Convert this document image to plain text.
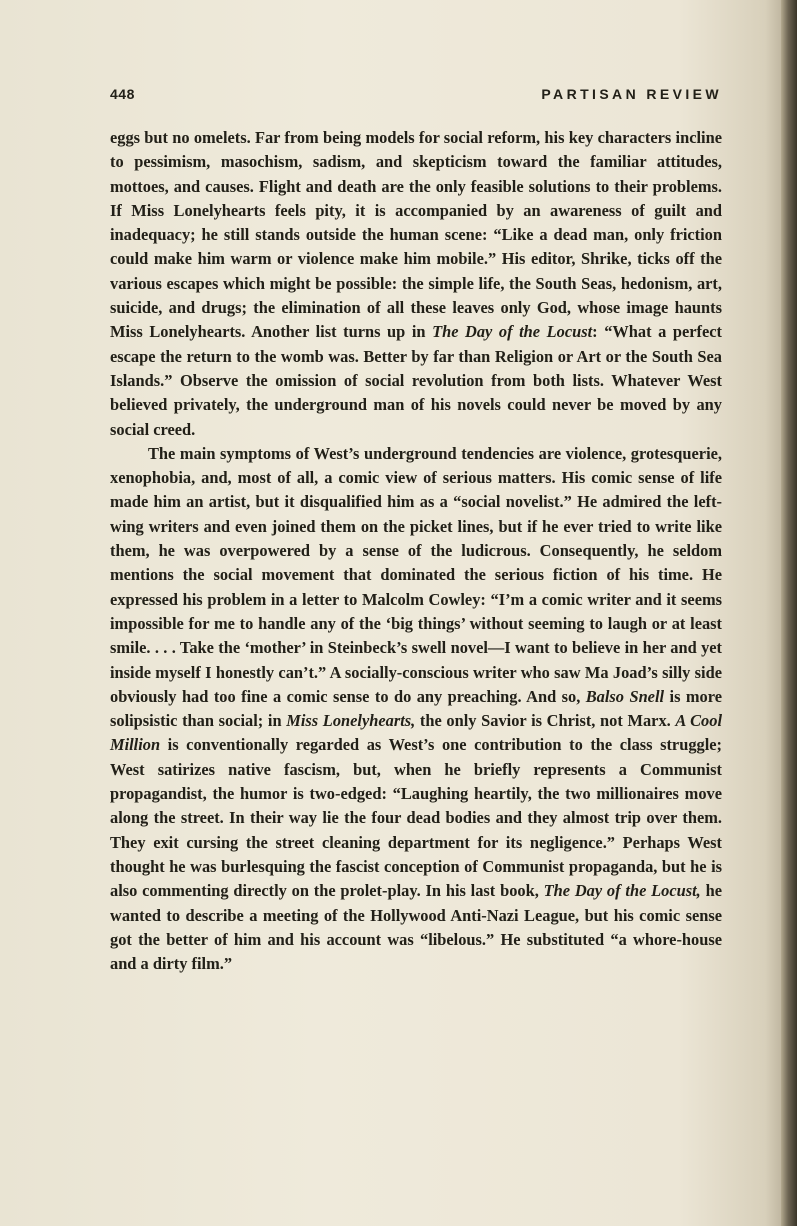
448	PARTISAN REVIEW

eggs but no omelets. Far from being models for social reform, his key characters incline to pessimism, masochism, sadism, and skepticism toward the familiar attitudes, mottoes, and causes. Flight and death are the only feasible solutions to their problems. If Miss Lonelyhearts feels pity, it is accompanied by an awareness of guilt and inadequacy; he still stands outside the human scene: “Like a dead man, only friction could make him warm or violence make him mobile.” His editor, Shrike, ticks off the various escapes which might be possible: the simple life, the South Seas, hedonism, art, suicide, and drugs; the elimination of all these leaves only God, whose image haunts Miss Lonelyhearts. Another list turns up in The Day of the Locust: “What a perfect escape the return to the womb was. Better by far than Religion or Art or the South Sea Islands.” Observe the omission of social revolution from both lists. Whatever West believed privately, the underground man of his novels could never be moved by any social creed.

The main symptoms of West’s underground tendencies are violence, grotesquerie, xenophobia, and, most of all, a comic view of serious matters. His comic sense of life made him an artist, but it disqualified him as a “social novelist.” He admired the left-wing writers and even joined them on the picket lines, but if he ever tried to write like them, he was overpowered by a sense of the ludicrous. Consequently, he seldom mentions the social movement that dominated the serious fiction of his time. He expressed his problem in a letter to Malcolm Cowley: “I’m a comic writer and it seems impossible for me to handle any of the ‘big things’ without seeming to laugh or at least smile. . . . Take the ‘mother’ in Steinbeck’s swell novel—I want to believe in her and yet inside myself I honestly can’t.” A socially-conscious writer who saw Ma Joad’s silly side obviously had too fine a comic sense to do any preaching. And so, Balso Snell is more solipsistic than social; in Miss Lonelyhearts, the only Savior is Christ, not Marx. A Cool Million is conventionally regarded as West’s one contribution to the class struggle; West satirizes native fascism, but, when he briefly represents a Communist propagandist, the humor is two-edged: “Laughing heartily, the two millionaires move along the street. In their way lie the four dead bodies and they almost trip over them. They exit cursing the street cleaning department for its negligence.” Perhaps West thought he was burlesquing the fascist conception of Communist propaganda, but he is also commenting directly on the prolet-play. In his last book, The Day of the Locust, he wanted to describe a meeting of the Hollywood Anti-Nazi League, but his comic sense got the better of him and his account was “libelous.” He substituted “a whore-house and a dirty film.”
